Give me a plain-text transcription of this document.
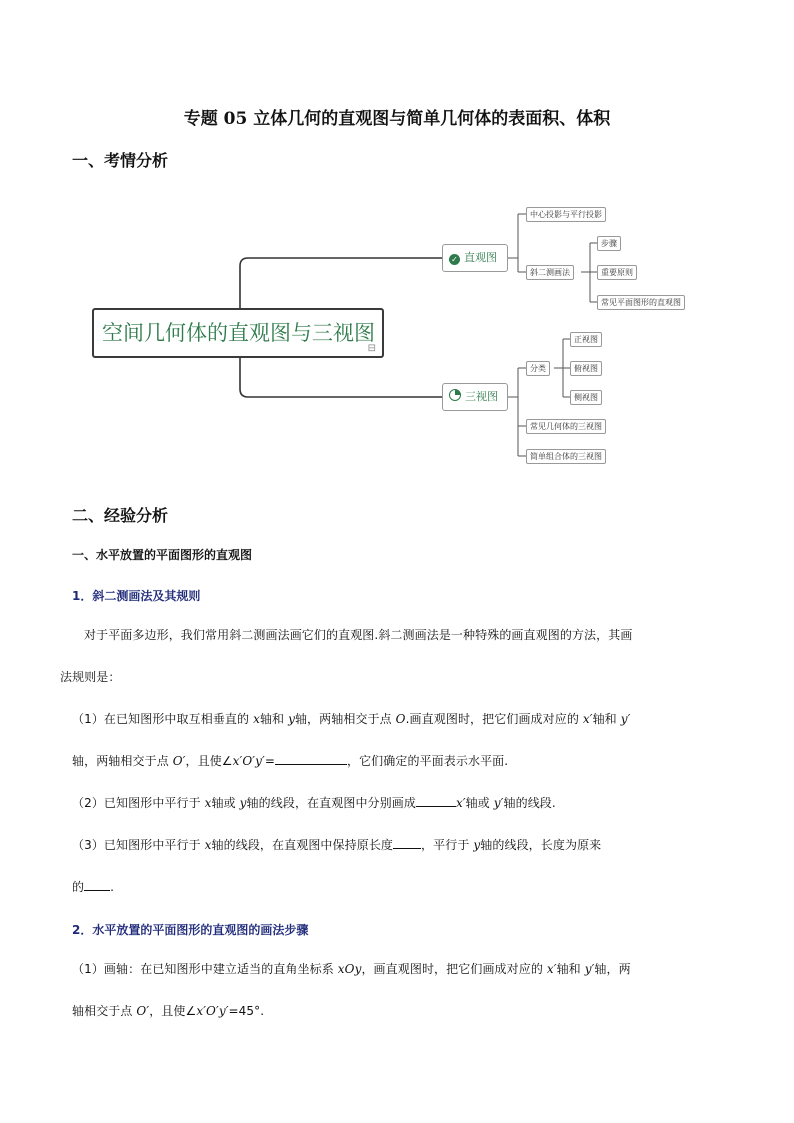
专题 05 立体几何的直观图与简单几何体的表面积、体积
一、考情分析
空间几何体的直观图与三视图
⊟
✓ 直观图
三视图
中心投影与平行投影
斜二测画法
步骤
重要原则
常见平面图形的直观图
分类
正视图
俯视图
侧视图
常见几何体的三视图
简单组合体的三视图
二、经验分析
一、水平放置的平面图形的直观图
1．斜二测画法及其规则
对于平面多边形，我们常用斜二测画法画它们的直观图.斜二测画法是一种特殊的画直观图的方法，其画
法规则是：
（1）在已知图形中取互相垂直的 x轴和 y轴，两轴相交于点 O.画直观图时，把它们画成对应的 x′轴和 y′
轴，两轴相交于点 O′，且使∠x′O′y′=	，它们确定的平面表示水平面.
（2）已知图形中平行于 x轴或 y轴的线段，在直观图中分别画成	x′轴或 y′轴的线段.
（3）已知图形中平行于 x轴的线段，在直观图中保持原长度 ，平行于 y轴的线段，长度为原来
的 .
2．水平放置的平面图形的直观图的画法步骤
（1）画轴：在已知图形中建立适当的直角坐标系 xOy，画直观图时，把它们画成对应的 x′轴和 y′轴，两
轴相交于点 O′，且使∠x′O′y′=45°.
